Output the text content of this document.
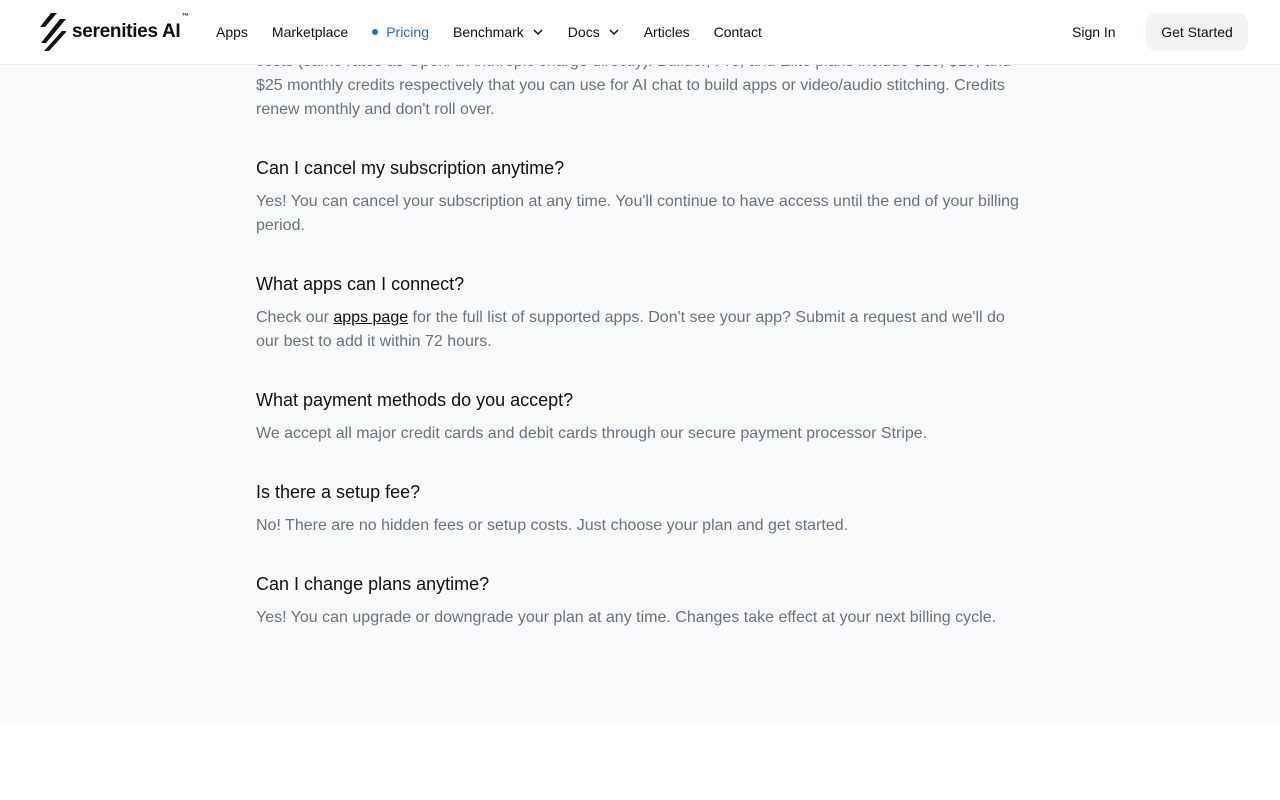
$25 monthly credits respectively that you can use for AI chat to build apps or video/audio stitching. Credits renew monthly and don't roll over.

Can I cancel my subscription anytime?

Yes! You can cancel your subscription at any time. You'll continue to have access until the end of your billing period.

What apps can I connect?

Check our apps page for the full list of supported apps. Don't see your app? Submit a request and we'll do our best to add it within 72 hours.

What payment methods do you accept?

We accept all major credit cards and debit cards through our secure payment processor Stripe.

Is there a setup fee?

No! There are no hidden fees or setup costs. Just choose your plan and get started.

Can I change plans anytime?

Yes! You can upgrade or downgrade your plan at any time. Changes take effect at your next billing cycle.

serenities AI
™
Apps Marketplace	Pricing Benchmark	Docs	Articles Contact	Sign In	Get Started
